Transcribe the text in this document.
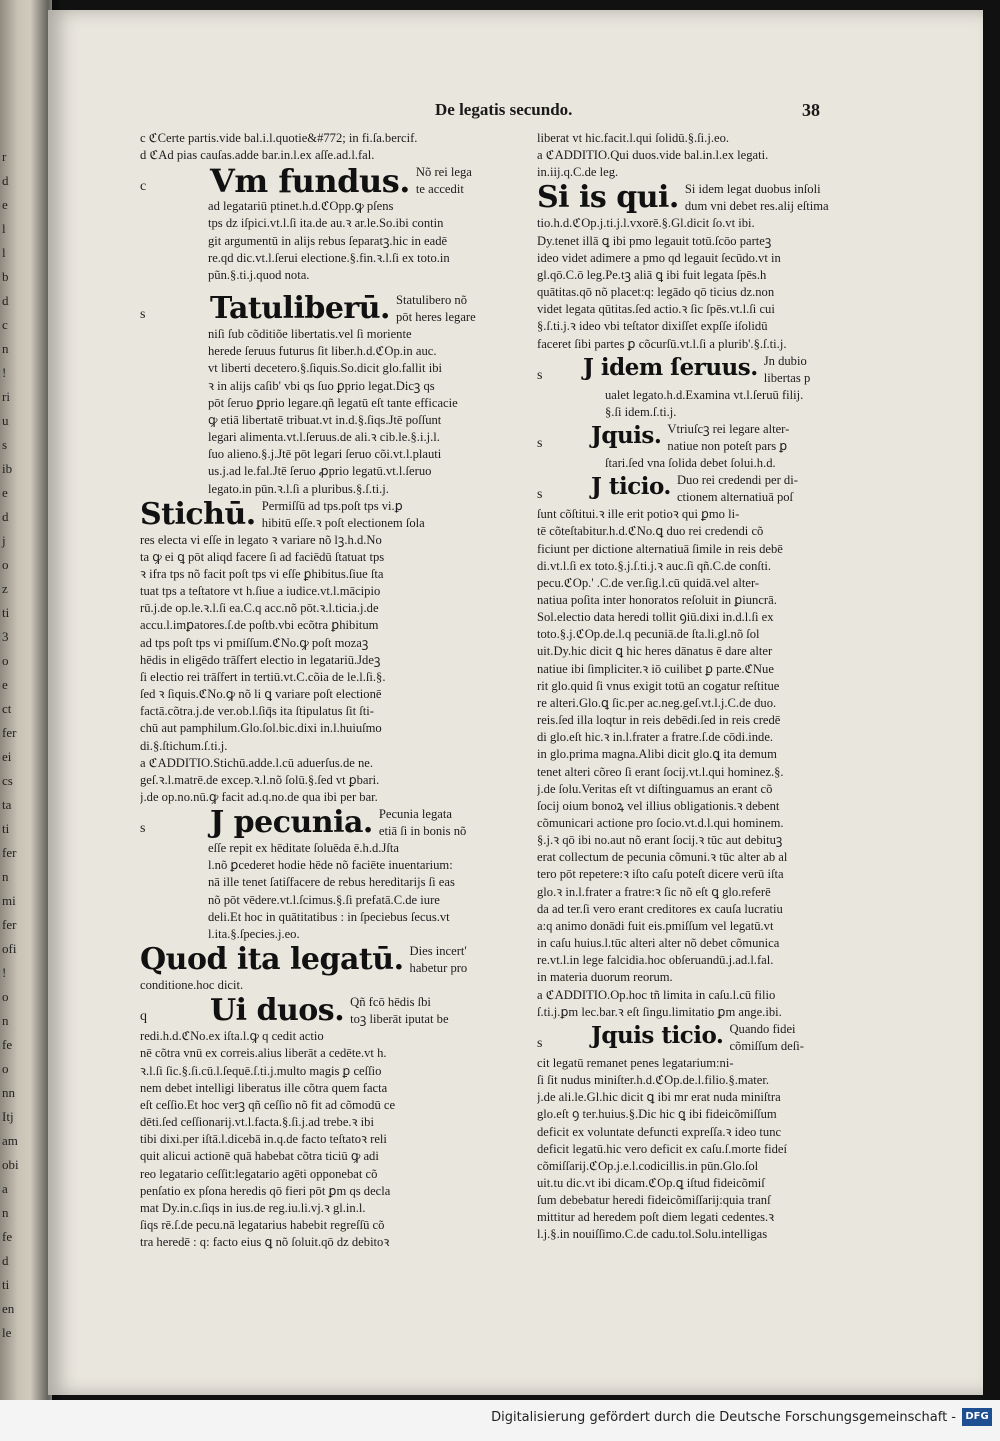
r
d
e
l
l
b
d
c
n
!
ri
u
s
ib
e
d
j
o
z
ti
3
o
e
ct
fer
ei
cs
ta
ti
fer
n
mi
fer
ofi
!
o
n
fe
o
nn
Itj
am
obi
a
n
fe
d
ti
en
le
De legatis secundo.	38
c ℭCerte partis.vide bal.i.l.quotie&#772; in fi.ſa.bercif.
d ℭAd pias cauſas.adde bar.in.l.ex aſſe.ad.l.fal.
c	Vm fundus. Nõ rei lega
te accedit
ad legatariū ptinet.h.d.ℭOpp.ꝙ pſens
tps dz iſpici.vt.l.ſi ita.de au.ꝛ ar.le.So.ibi contin
git argumentū in alijs rebus ſeparatꝫ.hic in eadē
re.qd dic.vt.l.ſerui electione.§.fin.ꝛ.l.ſi ex toto.in
pũn.§.ti.j.quod nota.
s	Tatuliberū. Statulibero nõ
pōt heres legare
niſi ſub cõditiõe libertatis.vel ſi moriente
herede ſeruus futurus ſit liber.h.d.ℭOp.in auc.
vt liberti decetero.§.ſiquis.So.dicit glo.fallit ibi
ꝛ in alijs caſib' vbi qs ſuo ꝑprio legat.Dicꝫ qs
pōt ſeruo ꝑprio legare.qñ legatū eſt tante efficacie
ꝙ etiā libertatē tribuat.vt in.d.§.ſiqs.Jtē poſſunt
legari alimenta.vt.l.ſeruus.de ali.ꝛ cib.le.§.i.j.l.
ſuo alieno.§.j.Jtē pōt legari ſeruo cõi.vt.l.plauti
us.j.ad le.fal.Jtē ſeruo ꝓprio legatū.vt.l.ſeruo
legato.in pūn.ꝛ.l.ſi a pluribus.§.ſ.ti.j.
Stichū. Permiſſū ad tps.poſt tps vi.ꝑ
hibitū eſſe.ꝛ poſt electionem ſola
res electa vi eſſe in legato ꝛ variare nõ lꝫ.h.d.No
ta ꝙ ei ꝗ pōt aliqd facere ſi ad faciēdū ſtatuat tps
ꝛ ifra tps nõ facit poſt tps vi eſſe ꝑhibitus.ſiue ſta
tuat tps a teſtatore vt h.ſiue a iudice.vt.l.mācipio
rū.j.de op.le.ꝛ.l.ſi ea.C.q acc.nõ pōt.ꝛ.l.ticia.j.de
accu.l.imꝑatores.ſ.de poſtb.vbi ecõtra ꝑhibitum
ad tps poſt tps vi pmiſſum.ℭNo.ꝙ poſt mozaꝫ
hēdis in eligēdo trāſfert electio in legatariū.Jdeꝫ
ſi electio rei trāſfert in tertiū.vt.C.cõia de le.l.ſi.§.
ſed ꝛ ſiquis.ℭNo.ꝙ nõ li ꝗ variare poſt electionē
factā.cõtra.j.de ver.ob.l.ſiq̄s ita ſtipulatus ſit ſti-
chū aut pamphilum.Glo.ſol.bic.dixi in.l.huiuſmo
di.§.ſtichum.ſ.ti.j.
a ℭADDITIO.Stichū.adde.l.cū aduerſus.de ne.
geſ.ꝛ.l.matrē.de excep.ꝛ.l.nõ ſolū.§.ſed vt ꝑbari.
j.de op.no.nū.ꝙ facit ad.q.no.de qua ibi per bar.
s	J pecunia. Pecunia legata
etiā ſi in bonis nõ
eſſe repit ex hēditate ſoluēda ē.h.d.Jſta
l.nõ ꝑcederet hodie hēde nõ faciēte inuentarium:
nā ille tenet ſatiſfacere de rebus hereditarijs ſi eas
nõ pōt vēdere.vt.l.ſcimus.§.ſi prefatā.C.de iure
deli.Et hoc in quātitatibus : in ſpeciebus ſecus.vt
l.ita.§.ſpecies.j.eo.
Quod ita legatū. Dies incert'
habetur pro
conditione.hoc dicit.
q	Ui duos. Qñ fcō hēdis ſbi
toꝫ liberāt iputat be
redi.h.d.ℭNo.ex iſta.l.ꝙ q cedit actio
nē cõtra vnū ex correis.alius liberāt a cedēte.vt h.
ꝛ.l.ſi ſic.§.ſi.cū.l.ſequē.ſ.ti.j.multo magis ꝑ ceſſio
nem debet intelligi liberatus ille cõtra quem facta
eſt ceſſio.Et hoc verꝫ qñ ceſſio nõ fit ad cõmodū ce
dēti.ſed ceſſionarij.vt.l.facta.§.ſi.j.ad trebe.ꝛ ibi
tibi dixi.per iſtā.l.dicebā in.q.de facto teſtatoꝛ reli
quit alicui actionē quā habebat cõtra ticiū ꝙ adi
reo legatario ceſſit:legatario agēti opponebat cõ
penſatio ex pſona heredis qō fieri pōt ꝑm qs decla
mat Dy.in.c.ſiqs in ius.de reg.iu.li.vj.ꝛ gl.in.l.
ſiqs rē.ſ.de pecu.nā legatarius habebit regreſſū cõ
tra heredē : q: facto eius ꝗ nõ ſoluit.qō dz debitoꝛ
liberat vt hic.facit.l.qui ſolidū.§.ſi.j.eo.
a ℭADDITIO.Qui duos.vide bal.in.l.ex legati.
in.iij.q.C.de leg.
Si is qui. Si idem legat duobus inſoli
dum vni debet res.alij eſtima
tio.h.d.ℭOp.j.ti.j.l.vxorē.§.Gl.dicit ſo.vt ibi.
Dy.tenet illā ꝗ ibi pmo legauit totū.ſcōo parteꝫ
ideo videt adimere a pmo qd legauit ſecūdo.vt in
gl.qō.C.ō leg.Pe.tꝫ aliā ꝗ ibi fuit legata ſpēs.h
quātitas.qō nõ placet:q: legādo qō ticius dz.non
videt legata qūtitas.ſed actio.ꝛ ſic ſpēs.vt.l.ſi cui
§.ſ.ti.j.ꝛ ideo vbi teſtator dixiſſet expſſe iſolidū
faceret ſibi partes ꝑ cõcurſū.vt.l.ſi a plurib'.§.ſ.ti.j.
s	J idem ſeruus. Jn dubio
libertas p
ualet legato.h.d.Examina vt.l.ſeruū filij.
§.ſi idem.ſ.ti.j.
s	Jquis. Vtriuſcꝫ rei legare alter-
natiue non poteſt pars ꝑ
ſtari.ſed vna ſolida debet ſolui.h.d.
s	J ticio. Duo rei credendi per di-
ctionem alternatiuā poſ
ſunt cõſtitui.ꝛ ille erit potioꝛ qui ꝑmo li-
tē cõteſtabitur.h.d.ℭNo.ꝗ duo rei credendi cõ
ficiunt per dictione alternatiuā ſimile in reis debē
di.vt.l.ſi ex toto.§.j.ſ.ti.j.ꝛ auc.ſi qñ.C.de conſti.
pecu.ℭOp.' .C.de ver.ſig.l.cū quidā.vel alter-
natiua poſita inter honoratos reſoluit in ꝑiuncrā.
Sol.electio data heredi tollit ꝯiū.dixi in.d.l.ſi ex
toto.§.j.ℭOp.de.l.q pecuniā.de ſta.li.gl.nõ ſol
uit.Dy.hic dicit ꝗ hic heres dānatus ē dare alter
natiue ibi ſimpliciter.ꝛ iō cuilibet ꝑ parte.ℭNue
rit glo.quid ſi vnus exigit totū an cogatur reſtitue
re alteri.Glo.ꝗ ſic.per ac.neg.geſ.vt.l.j.C.de duo.
reis.ſed illa loqtur in reis debēdi.ſed in reis credē
di glo.eſt hic.ꝛ in.l.frater a fratre.ſ.de cōdi.inde.
in glo.prima magna.Alibi dicit glo.ꝗ ita demum
tenet alteri cõreo ſi erant ſocij.vt.l.qui hominez.§.
j.de ſolu.Veritas eſt vt diſtinguamus an erant cõ
ſocij oium bonoꝝ vel illius obligationis.ꝛ debent
cõmunicari actione pro ſocio.vt.d.l.qui hominem.
§.j.ꝛ qō ibi no.aut nõ erant ſocij.ꝛ tūc aut debituꝫ
erat collectum de pecunia cõmuni.ꝛ tūc alter ab al
tero pōt repetere:ꝛ iſto caſu poteſt dicere verū iſta
glo.ꝛ in.l.frater a fratre:ꝛ ſic nõ eſt ꝗ glo.referē
da ad ter.ſi vero erant creditores ex cauſa lucratiu
a:q animo donādi fuit eis.pmiſſum vel legatū.vt
in caſu huius.l.tūc alteri alter nõ debet cõmunica
re.vt.l.in lege falcidia.hoc obſeruandū.j.ad.l.fal.
in materia duorum reorum.
a ℭADDITIO.Op.hoc tñ limita in caſu.l.cū filio
ſ.ti.j.ꝑm lec.bar.ꝛ eſt ſingu.limitatio ꝑm ange.ibi.
s	Jquis ticio. Quando fidei
cõmiſſum deſi-
cit legatū remanet penes legatarium:ni-
ſi ſit nudus miniſter.h.d.ℭOp.de.l.filio.§.mater.
j.de ali.le.Gl.hic dicit ꝗ ibi mr erat nuda miniſtra
glo.eſt ꝯ ter.huius.§.Dic hic ꝗ ibi fideicõmiſſum
deficit ex voluntate defuncti expreſſa.ꝛ ideo tunc
deficit legatū.hic vero deficit ex caſu.ſ.morte fideí
cõmiſſarij.ℭOp.j.e.l.codicillis.in pūn.Glo.ſol
uit.tu dic.vt ibi dicam.ℭOp.ꝗ iſtud fideicõmiſ
ſum debebatur heredi fideicõmiſſarij:quia tranſ
mittitur ad heredem poſt diem legati cedentes.ꝛ
l.j.§.in nouiſſimo.C.de cadu.tol.Solu.intelligas
Digitalisierung gefördert durch die Deutsche Forschungsgemeinschaft - DFG
